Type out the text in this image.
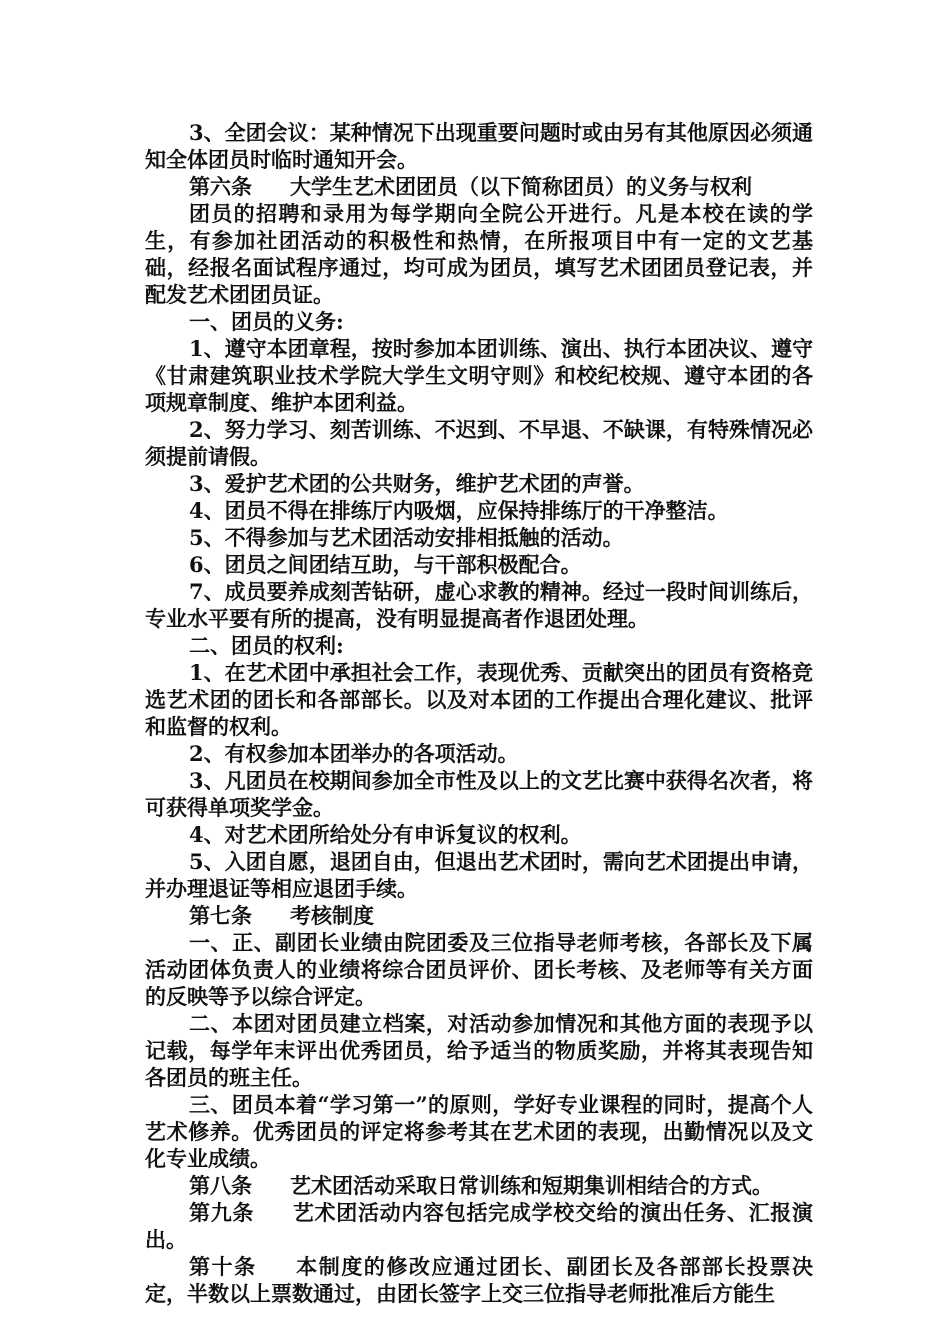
3、全团会议：某种情况下出现重要问题时或由另有其他原因必须通知全体团员时临时通知开会。

第六条 大学生艺术团团员（以下简称团员）的义务与权利

团员的招聘和录用为每学期向全院公开进行。凡是本校在读的学生，有参加社团活动的积极性和热情，在所报项目中有一定的文艺基础，经报名面试程序通过，均可成为团员，填写艺术团团员登记表，并配发艺术团团员证。

一、团员的义务:

1、遵守本团章程，按时参加本团训练、演出、执行本团决议、遵守《甘肃建筑职业技术学院大学生文明守则》和校纪校规、遵守本团的各项规章制度、维护本团利益。

2、努力学习、刻苦训练、不迟到、不早退、不缺课，有特殊情况必须提前请假。

3、爱护艺术团的公共财务，维护艺术团的声誉。

4、团员不得在排练厅内吸烟，应保持排练厅的干净整洁。

5、不得参加与艺术团活动安排相抵触的活动。

6、团员之间团结互助，与干部积极配合。

7、成员要养成刻苦钻研，虚心求教的精神。经过一段时间训练后，专业水平要有所的提高，没有明显提高者作退团处理。

二、团员的权利:

1、在艺术团中承担社会工作，表现优秀、贡献突出的团员有资格竞选艺术团的团长和各部部长。以及对本团的工作提出合理化建议、批评和监督的权利。

2、有权参加本团举办的各项活动。

3、凡团员在校期间参加全市性及以上的文艺比赛中获得名次者，将可获得单项奖学金。

4、对艺术团所给处分有申诉复议的权利。

5、入团自愿，退团自由，但退出艺术团时，需向艺术团提出申请，并办理退证等相应退团手续。

第七条 考核制度

一、正、副团长业绩由院团委及三位指导老师考核，各部长及下属活动团体负责人的业绩将综合团员评价、团长考核、及老师等有关方面的反映等予以综合评定。

二、本团对团员建立档案，对活动参加情况和其他方面的表现予以记载，每学年末评出优秀团员，给予适当的物质奖励，并将其表现告知各团员的班主任。

三、团员本着“学习第一”的原则，学好专业课程的同时，提高个人艺术修养。优秀团员的评定将参考其在艺术团的表现，出勤情况以及文化专业成绩。

第八条 艺术团活动采取日常训练和短期集训相结合的方式。

第九条 艺术团活动内容包括完成学校交给的演出任务、汇报演出。

第十条 本制度的修改应通过团长、副团长及各部部长投票决定，半数以上票数通过，由团长签字上交三位指导老师批准后方能生
